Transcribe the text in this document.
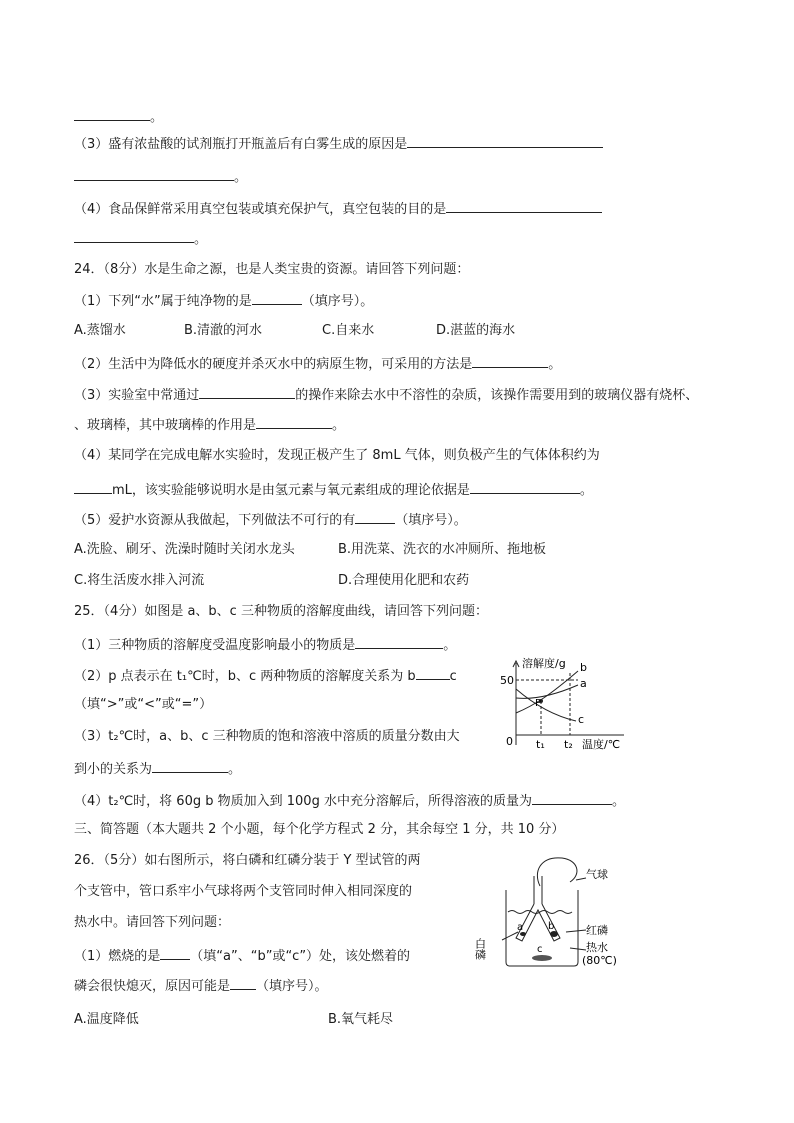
。
（3）盛有浓盐酸的试剂瓶打开瓶盖后有白雾生成的原因是
。
（4）食品保鲜常采用真空包装或填充保护气，真空包装的目的是
。
24．（8分）水是生命之源，也是人类宝贵的资源。请回答下列问题：
（1）下列“水”属于纯净物的是	（填序号）。
A.蒸馏水	B.清澈的河水	C.自来水	D.湛蓝的海水
（2）生活中为降低水的硬度并杀灭水中的病原生物，可采用的方法是	。
（3）实验室中常通过	的操作来除去水中不溶性的杂质，该操作需要用到的玻璃仪器有烧杯、
、玻璃棒，其中玻璃棒的作用是	。
（4）某同学在完成电解水实验时，发现正极产生了 8mL 气体，则负极产生的气体体积约为
mL，该实验能够说明水是由氢元素与氧元素组成的理论依据是	。
（5）爱护水资源从我做起，下列做法不可行的有	（填序号）。
A.洗脸、刷牙、洗澡时随时关闭水龙头	B.用洗菜、洗衣的水冲厕所、拖地板
C.将生活废水排入河流	D.合理使用化肥和农药
25．（4分）如图是 a、b、c 三种物质的溶解度曲线，请回答下列问题：
（1）三种物质的溶解度受温度影响最小的物质是	。
（2）p 点表示在 t₁℃时，b、c 两种物质的溶解度关系为 b	c
（填“>”或“<”或“=”）
（3）t₂℃时，a、b、c 三种物质的饱和溶液中溶质的质量分数由大
到小的关系为	。
（4）t₂℃时，将 60g b 物质加入到 100g 水中充分溶解后，所得溶液的质量为	。
溶解度/g
50
0 t₁ t₂ 温度/℃
P
b
a
c
三、简答题（本大题共 2 个小题，每个化学方程式 2 分，其余每空 1 分，共 10 分）
26．（5分）如右图所示，将白磷和红磷分装于 Y 型试管的两
个支管中，管口系牢小气球将两个支管同时伸入相同深度的
热水中。请回答下列问题：
（1）燃烧的是 （填“a”、“b”或“c”）处，该处燃着的
磷会很快熄灭，原因可能是 （填序号）。
A.温度降低	B.氧气耗尽
气球
红磷
热水
(80℃)
白磷
a b
c
